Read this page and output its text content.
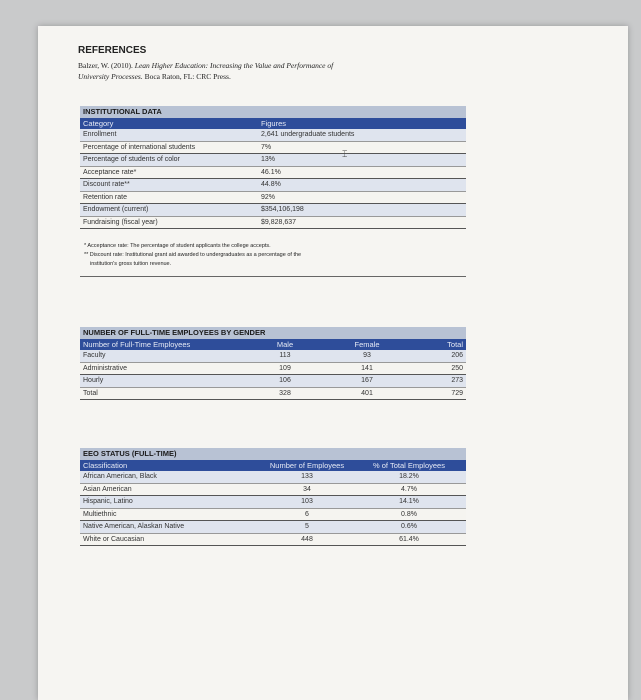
REFERENCES
Balzer, W. (2010). Lean Higher Education: Increasing the Value and Performance of
University Processes. Boca Raton, FL: CRC Press.
INSTITUTIONAL DATA	
Category	Figures
Enrollment	2,641 undergraduate students
Percentage of international students	7%
Percentage of students of color	13%
Acceptance rate*	46.1%
Discount rate**	44.8%
Retention rate	92%
Endowment (current)	$354,106,198
Fundraising (fiscal year)	$9,828,637
⌶
* Acceptance rate: The percentage of student applicants the college accepts.
** Discount rate: Institutional grant aid awarded to undergraduates as a percentage of the
institution's gross tuition revenue.
NUMBER OF FULL-TIME EMPLOYEES BY GENDER			
Number of Full-Time Employees	Male	Female	Total
Faculty	113	93	206
Administrative	109	141	250
Hourly	106	167	273
Total	328	401	729
EEO STATUS (FULL-TIME)		
Classification	Number of Employees	% of Total Employees
African American, Black	133	18.2%
Asian American	34	4.7%
Hispanic, Latino	103	14.1%
Multiethnic	6	0.8%
Native American, Alaskan Native	5	0.6%
White or Caucasian	448	61.4%
